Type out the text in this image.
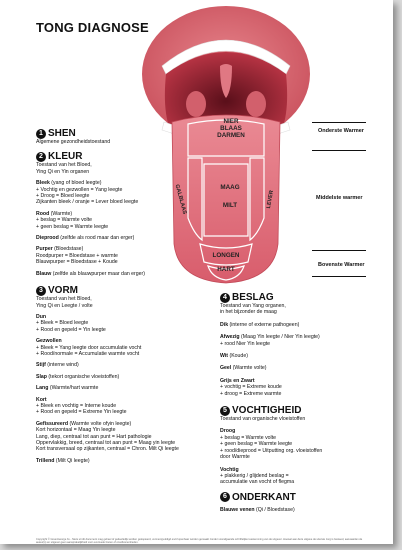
TONG DIAGNOSE
NIER
BLAAS
DARMEN
MAAG
MILT
GALBLAAS	LEVER
LONGEN
HART
Onderste Warmer
Middelste warmer
Bovenste Warmer
1 SHEN
Algemene gezondheidstoestand
2 KLEUR
Toestand van het Bloed,
Ying Qi en Yin organen
Bleek (yang of bloed leegte)
+ Vochtig en gezwollen = Yang leegte
+ Droog = Bloed leegte
Zijkanten bleek / oranje = Lever bloed leegte
Rood (Warmte)
+ beslag = Warmte volte
+ geen beslag = Warmte leegte
Dieprood (zelfde als rood maar dan erger)
Purper (Bloedstase)
Roodpurper = Bloedstase + warmte
Blauwpurper = Bloedstase + Koude
Blauw (zelfde als blauwpurper maar dan erger)
3 VORM
Toestand van het Bloed,
Ying Qi en Leegte / volte
Dun
+ Bleek = Bloed leegte
+ Rood en gepeld = Yin leegte
Gezwollen
+ Bleek = Yang leegte door accumulatie vocht
+ Rood/normale = Accumulatie warmte vocht
Stijf (interne wind)
Slap (tekort organische vloeistoffen)
Lang (Warmte/hart warmte
Kort
+ Bleek en vochtig = Interne koude
+ Rood en gepeld = Extreme Yin leegte
Gefissureerd (Warmte volte ofyin leegte)
Kort horizontaal = Maag Yin leegte
Lang, diep, centraal tot aan punt = Hart pathologie
Oppervlakkig, breed, centraal tot aan punt = Maag yin leegte
Kort transversaal op zijkanten, centraal = Chron. Milt Qi leegte
Trillend (Milt Qi leegte)
4 BESLAG
Toestand van Yang organen,
in het bijzonder de maag
Dik (interne of externe pathogeen)
Afwezig (Maag Yin leegte / Nier Yin leegte)
+ rood Nier Yin leegte
Wit (Koude)
Geel (Warmte volte)
Grijs en Zwart
+ vochtig = Extreme koude
+ droog = Extreme warmte
5 VOCHTIGHEID
Toestand van organische vloeistoffen
Droog
+ beslag = Warmte volte
+ geen beslag = Warmte leegte
+ rood/dieprood = Uitputting org. vloeistoffen
door Warmte
Vochtig
+ plakkerig / glijdend beslag =
accumulatie van vocht of flegma
6 ONDERKANT
Blauwe venen (Qi / Bloedstase)
Copyright © GreenGeorge bv - Niets uit dit document mag geheel of gedeeltelijk worden gekopieerd, vermenigvuldigd en/of openbaar worden gemaakt zonder voorafgaande schriftelijke toestemming van de uitgever. Hoewel aan deze uitgave de uiterste zorg is besteed, aanvaarden de auteur(s) en uitgever geen aansprakelijkheid voor eventuele fouten of onvolkomenheden.
